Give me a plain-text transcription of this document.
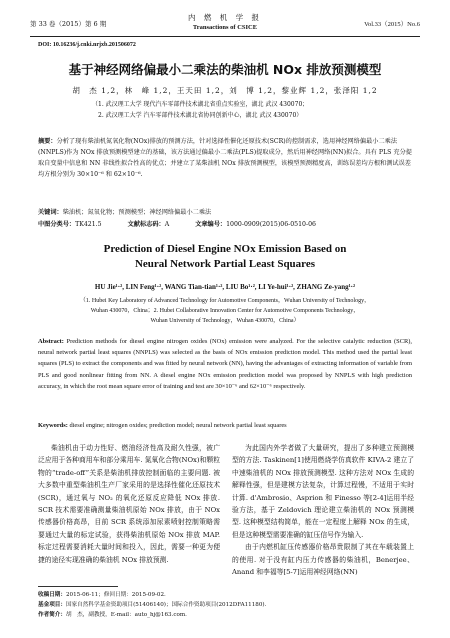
第 33 卷（2015）第 6 期
内 燃 机 学 报
Transactions of CSICE	Vol.33（2015）No.6
DOI: 10.16236/j.cnki.nrjxb.201506072
基于神经网络偏最小二乘法的柴油机 NOx 排放预测模型
胡　杰 1,2，林　峰 1,2，王天田 1,2，刘　博 1,2，黎业辉 1,2，张泽阳 1,2
（1. 武汉理工大学 现代汽车零部件技术湖北省重点实验室，湖北 武汉 430070；
2. 武汉理工大学 汽车零部件技术湖北省协同创新中心，湖北 武汉 430070）
摘要：分析了现有柴油机氮氧化物(NOx)排放的预测方法，针对选择性催化还原技术(SCR)的控制需求，选用神经网络偏最小二乘法(NNPLS)作为 NOx 排放预测模型建立的基础，该方法通过偏最小二乘法(PLS)提取成分，然后用神经网络(NN)拟合。具有 PLS 充分提取自变量中信息和 NN 非线性拟合性高的优点；并建立了某柴油机 NOx 排放预测模型，该模型预测精度高，训练误差均方根和测试误差均方根分别为 30×10⁻⁶ 和 62×10⁻⁶.
关键词：柴油机；氮氧化物；预测模型；神经网络偏最小二乘法
中图分类号：TK421.5	文献标志码：A	文章编号：1000-0909(2015)06-0510-06
Prediction of Diesel Engine NOx Emission Based on
Neural Network Partial Least Squares
HU Jie¹·², LIN Feng¹·², WANG Tian-tian¹·², LIU Bo¹·², LI Ye-hui¹·², ZHANG Ze-yang¹·²
（1. Hubei Key Laboratory of Advanced Technology for Automotive Components，Wuhan University of Technology，
Wuhan 430070，China；2. Hubei Collaborative Innovation Center for Automotive Components Technology，
Wuhan University of Technology，Wuhan 430070，China）
Abstract: Prediction methods for diesel engine nitrogen oxides (NOx) emission were analyzed. For the selective catalytic reduction (SCR), neural network partial least squares (NNPLS) was selected as the basis of NOx emission prediction model. This method used the partial least squares (PLS) to extract the components and was fitted by neural network (NN), having the advantages of extracting information of variable from PLS and good nonlinear fitting from NN. A diesel engine NOx emission prediction model was proposed by NNPLS with high prediction accuracy, in which the root mean square error of training and test are 30×10⁻⁶ and 62×10⁻⁶ respectively.
Keywords: diesel engine; nitrogen oxides; prediction model; neural network partial least squares

柴油机由于动力性好、燃油经济性高及耐久性强，被广泛应用于各种商用车和部分乘用车. 氮氧化合物(NOx)和颗粒物的“trade-off”关系是柴油机排放控制面临的主要问题. 被大多数中重型柴油机生产厂家采用的是选择性催化还原技术(SCR)，通过氧与 NO₂ 的氧化还原反应降低 NOx 排放. SCR 技术需要准确测量柴油机原始 NOx 排放，由于 NOx 传感器价格高昂，目前 SCR 系统添加尿素喷射控制策略需要通过大量的标定试验，获得柴油机原始 NOx 排放 MAP. 标定过程需要消耗大量时间和投入，因此，需要一种更为便捷的途径实现准确的柴油机 NOx 排放预测.

为此国内外学者做了大量研究，提出了多种建立预测模型的方法. Taskinen[1]使用燃烧学仿真软件 KIVA-2 建立了中速柴油机的 NOx 排放预测模型. 这种方法对 NOx 生成的解释性强，但是建模方法复杂，计算过程慢，不适用于实时计算. d'Ambrosio、Asprion 和 Finesso 等[2-4]运用半经验方法，基于 Zeldovich 理论建立柴油机的 NOx 预测模型. 这种模型结构简单，能在一定程度上解释 NOx 的生成，但是这种模型需要准确的缸压信号作为输入.

由于内燃机缸压传感器价格昂贵限制了其在车载装置上的使用. 对于没有缸内压力传感器的柴油机，Benerjee、Anand 和李福等[5-7]运用神经网络(NN)

收稿日期：2015-06-11；修回日期：2015-09-02.
基金项目：国家自然科学基金资助项目(51406140)；国际合作资助项目(2012DFA11180).
作者简介：胡　杰，副教授，E-mail：auto_hj@163.com.
